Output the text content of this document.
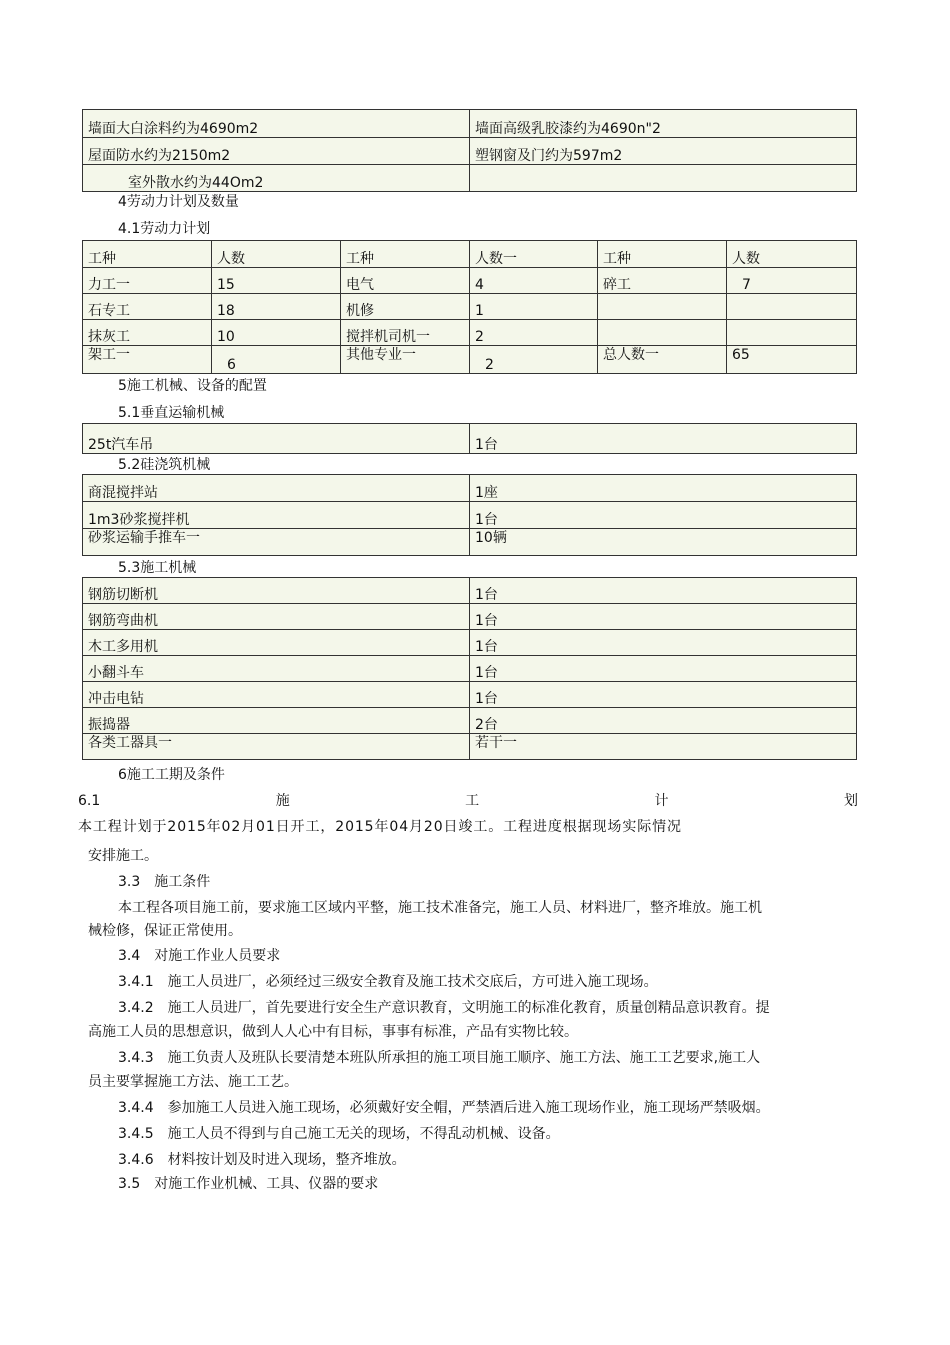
墙面大白涂料约为4690m2	墙面高级乳胶漆约为4690n"2
屋面防水约为2150m2	塑钢窗及门约为597m2
室外散水约为44Om2	
4劳动力计划及数量
4.1劳动力计划
工种	人数	工种	人数一	工种	人数
力工一	15	电气	4	碎工	7
石专工	18	机修	1		
抹灰工	10	搅拌机司机一	2		
架工一	6	其他专业一	2	总人数一	65
5施工机械、设备的配置
5.1垂直运输机械
25t汽车吊	1台
5.2硅浇筑机械
商混搅拌站	1座
1m3砂浆搅拌机	1台
砂浆运输手推车一	10辆
5.3施工机械
钢筋切断机	1台
钢筋弯曲机	1台
木工多用机	1台
小翻斗车	1台
冲击电钻	1台
振捣器	2台
各类工器具一	若干一
6施工工期及条件
6.1	施	工	计	划
本工程计划于2015年02月01日开工，2015年04月20日竣工。工程进度根据现场实际情况
安排施工。
3.3　施工条件
本工程各项目施工前，要求施工区域内平整，施工技术准备完，施工人员、材料进厂，整齐堆放。施工机
械检修，保证正常使用。
3.4　对施工作业人员要求
3.4.1　施工人员进厂，必须经过三级安全教育及施工技术交底后，方可进入施工现场。
3.4.2　施工人员进厂，首先要进行安全生产意识教育，文明施工的标准化教育，质量创精品意识教育。提
高施工人员的思想意识，做到人人心中有目标，事事有标准，产品有实物比较。
3.4.3　施工负责人及班队长要清楚本班队所承担的施工项目施工顺序、施工方法、施工工艺要求,施工人
员主要掌握施工方法、施工工艺。
3.4.4　参加施工人员进入施工现场，必须戴好安全帽，严禁酒后进入施工现场作业，施工现场严禁吸烟。
3.4.5　施工人员不得到与自己施工无关的现场，不得乱动机械、设备。
3.4.6　材料按计划及时进入现场，整齐堆放。
3.5　对施工作业机械、工具、仪器的要求
